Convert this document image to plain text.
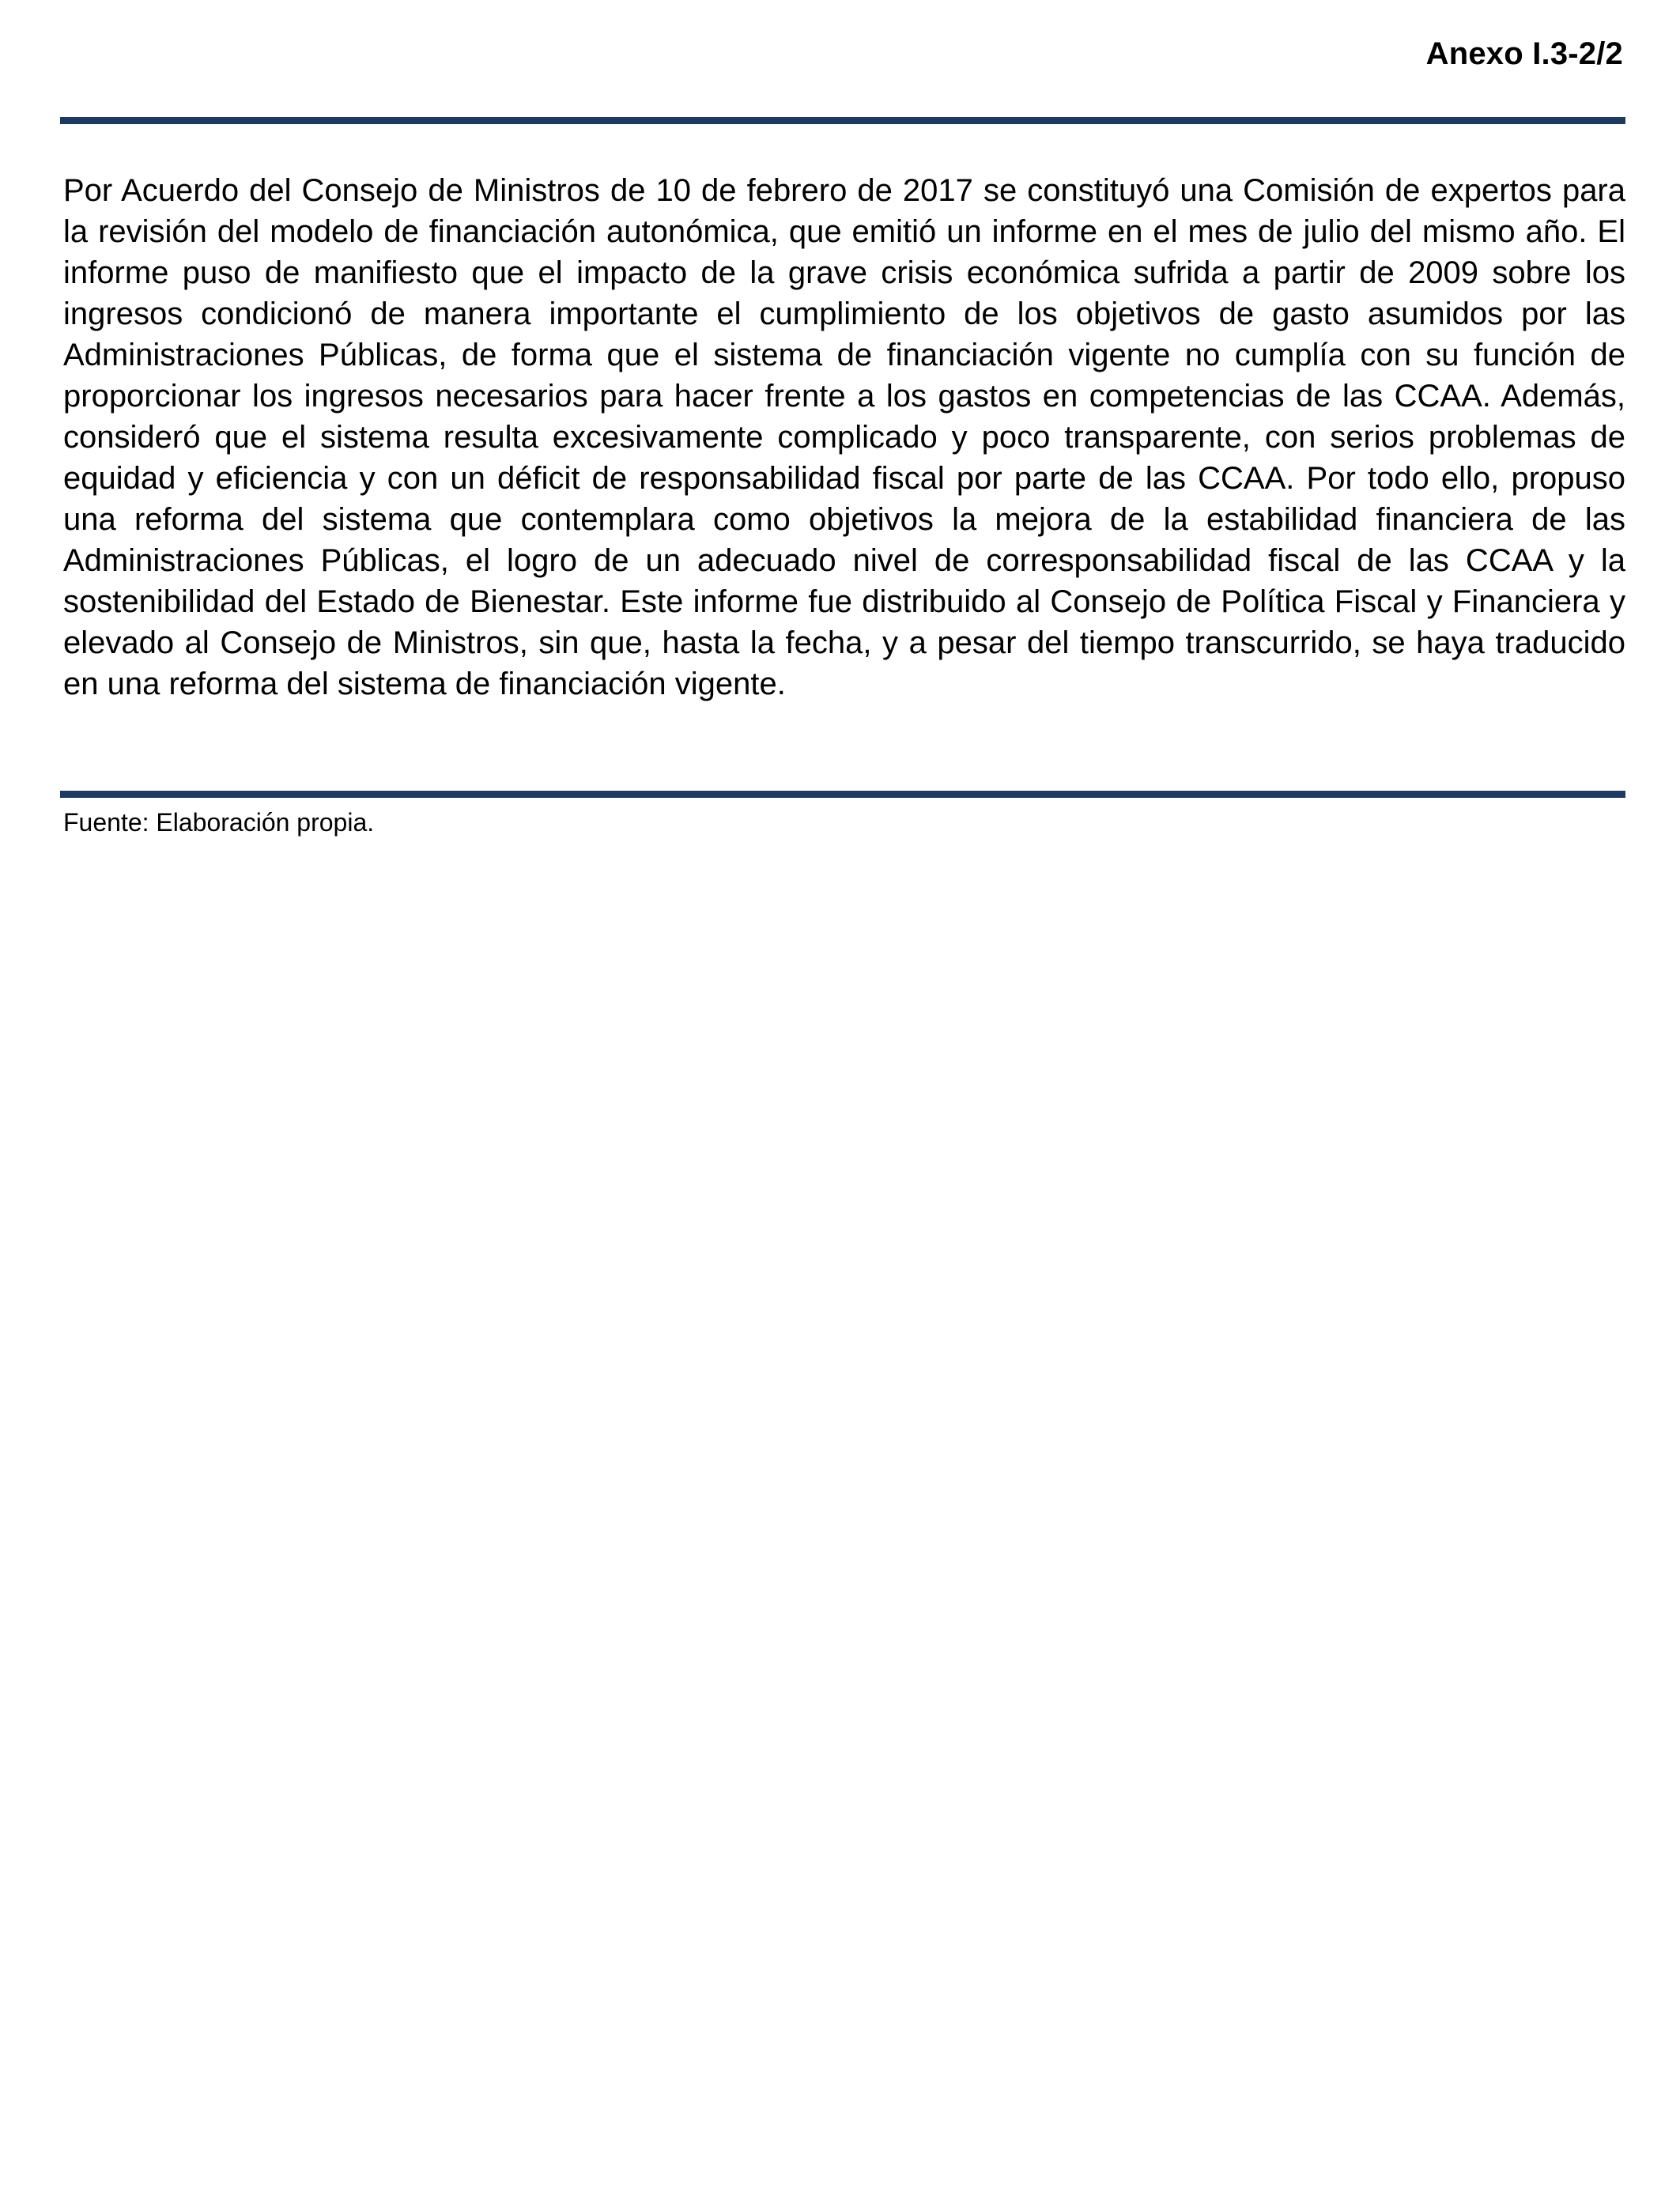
Anexo I.3-2/2

Por Acuerdo del Consejo de Ministros de 10 de febrero de 2017 se constituyó una Comisión de expertos para la revisión del modelo de financiación autonómica, que emitió un informe en el mes de julio del mismo año. El informe puso de manifiesto que el impacto de la grave crisis económica sufrida a partir de 2009 sobre los ingresos condicionó de manera importante el cumplimiento de los objetivos de gasto asumidos por las Administraciones Públicas, de forma que el sistema de financiación vigente no cumplía con su función de proporcionar los ingresos necesarios para hacer frente a los gastos en competencias de las CCAA. Además, consideró que el sistema resulta excesivamente complicado y poco transparente, con serios problemas de equidad y eficiencia y con un déficit de responsabilidad fiscal por parte de las CCAA. Por todo ello, propuso una reforma del sistema que contemplara como objetivos la mejora de la estabilidad financiera de las Administraciones Públicas, el logro de un adecuado nivel de corresponsabilidad fiscal de las CCAA y la sostenibilidad del Estado de Bienestar. Este informe fue distribuido al Consejo de Política Fiscal y Financiera y elevado al Consejo de Ministros, sin que, hasta la fecha, y a pesar del tiempo transcurrido, se haya traducido en una reforma del sistema de financiación vigente.

Fuente: Elaboración propia.
